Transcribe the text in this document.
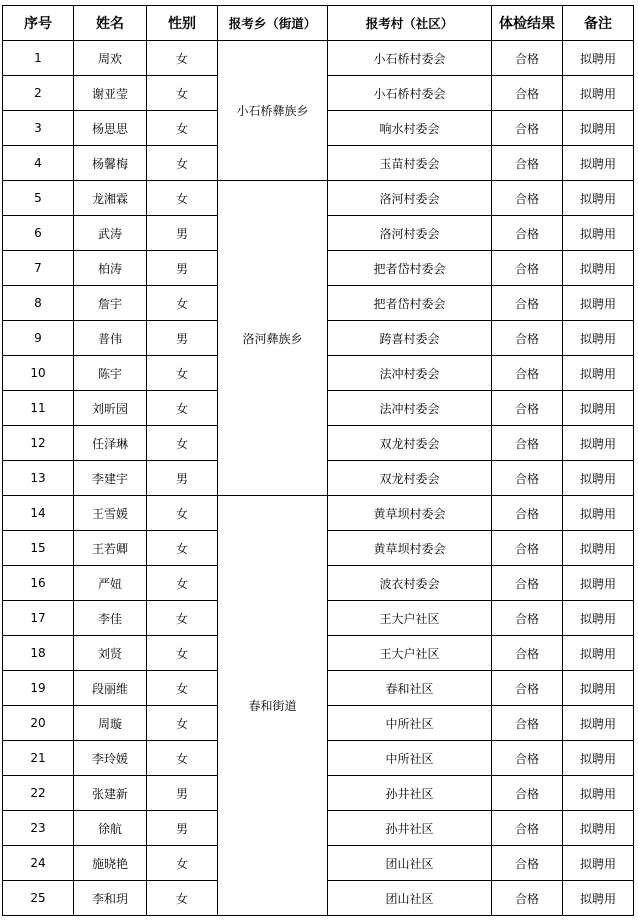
序号	姓名	性别	报考乡（街道）	报考村（社区）	体检结果	备注
1	周欢	女	小石桥彝族乡	小石桥村委会	合格	拟聘用
2	谢亚莹	女		小石桥村委会	合格	拟聘用
3	杨思思	女		响水村委会	合格	拟聘用
4	杨馨梅	女		玉苗村委会	合格	拟聘用
5	龙湘霖	女	洛河彝族乡	洛河村委会	合格	拟聘用
6	武涛	男		洛河村委会	合格	拟聘用
7	柏涛	男		把者岱村委会	合格	拟聘用
8	詹宇	女		把者岱村委会	合格	拟聘用
9	普伟	男		跨喜村委会	合格	拟聘用
10	陈宇	女		法冲村委会	合格	拟聘用
11	刘昕园	女		法冲村委会	合格	拟聘用
12	任泽琳	女		双龙村委会	合格	拟聘用
13	李建宇	男		双龙村委会	合格	拟聘用
14	王雪媛	女	春和街道	黄草坝村委会	合格	拟聘用
15	王若卿	女		黄草坝村委会	合格	拟聘用
16	严妞	女		波衣村委会	合格	拟聘用
17	李佳	女		王大户社区	合格	拟聘用
18	刘贤	女		王大户社区	合格	拟聘用
19	段丽维	女		春和社区	合格	拟聘用
20	周璇	女		中所社区	合格	拟聘用
21	李玲媛	女		中所社区	合格	拟聘用
22	张建新	男		孙井社区	合格	拟聘用
23	徐航	男		孙井社区	合格	拟聘用
24	施晓艳	女		团山社区	合格	拟聘用
25	李和玥	女		团山社区	合格	拟聘用
